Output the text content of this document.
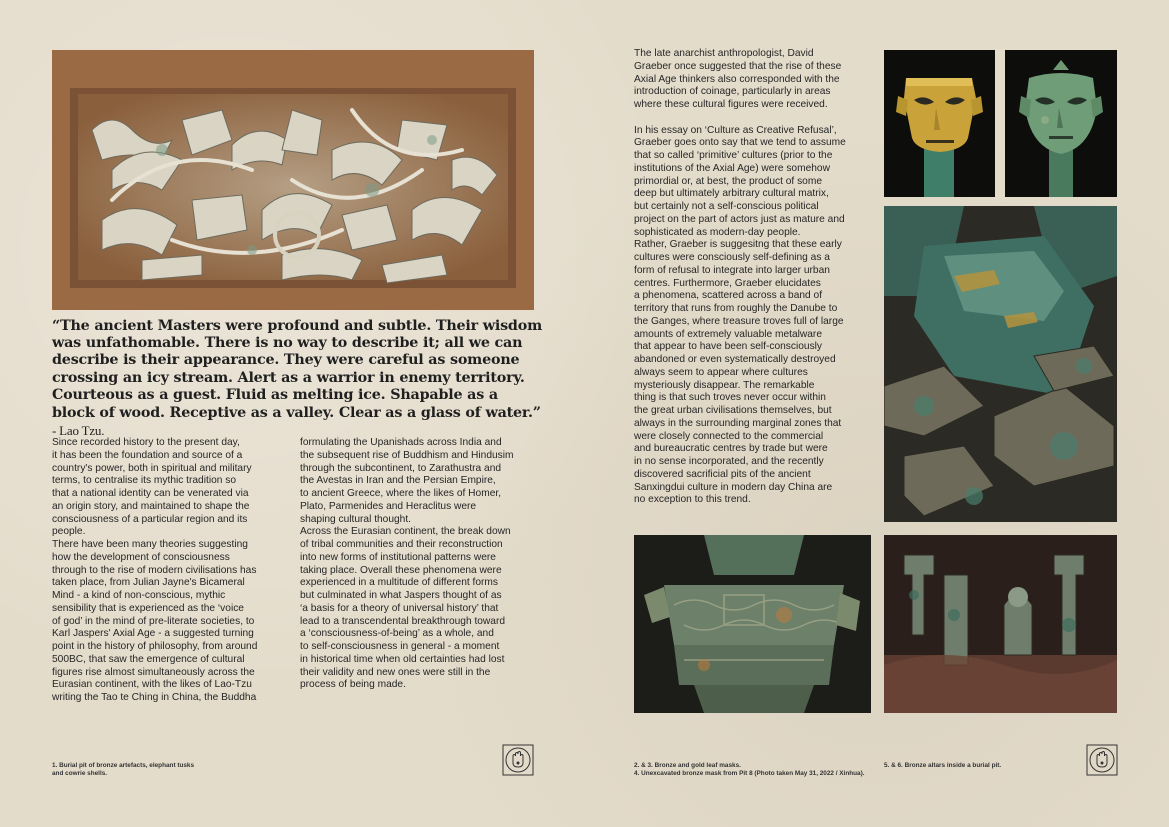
“The ancient Masters were profound and subtle. Their wisdom was unfathomable. There is no way to describe it; all we can describe is their appearance. They were careful as someone crossing an icy stream. Alert as a warrior in enemy territory. Courteous as a guest. Fluid as melting ice. Shapable as a block of wood. Receptive as a valley. Clear as a glass of water.” - Lao Tzu.
Since recorded history to the present day,
it has been the foundation and source of a
country's power, both in spiritual and military
terms, to centralise its mythic tradition so
that a national identity can be venerated via
an origin story, and maintained to shape the
consciousness of a particular region and its
people.
There have been many theories suggesting
how the development of consciousness
through to the rise of modern civilisations has
taken place, from Julian Jayne's Bicameral
Mind - a kind of non-conscious, mythic
sensibility that is experienced as the ‘voice
of god’ in the mind of pre-literate societies, to
Karl Jaspers' Axial Age - a suggested turning
point in the history of philosophy, from around
500BC, that saw the emergence of cultural
figures rise almost simultaneously across the
Eurasian continent, with the likes of Lao-Tzu
writing the Tao te Ching in China, the Buddha
formulating the Upanishads across India and
the subsequent rise of Buddhism and Hindusim
through the subcontinent, to Zarathustra and
the Avestas in Iran and the Persian Empire,
to ancient Greece, where the likes of Homer,
Plato, Parmenides and Heraclitus were
shaping cultural thought.
Across the Eurasian continent, the break down
of tribal communities and their reconstruction
into new forms of institutional patterns were
taking place. Overall these phenomena were
experienced in a multitude of different forms
but culminated in what Jaspers thought of as
‘a basis for a theory of universal history’ that
lead to a transcendental breakthrough toward
a ‘consciousness-of-being’ as a whole, and
to self-consciousness in general - a moment
in historical time when old certainties had lost
their validity and new ones were still in the
process of being made.
The late anarchist anthropologist, David
Graeber once suggested that the rise of these
Axial Age thinkers also corresponded with the
introduction of coinage, particularly in areas
where these cultural figures were received.

In his essay on ‘Culture as Creative Refusal’,
Graeber goes onto say that we tend to assume
that so called ‘primitive’ cultures (prior to the
institutions of the Axial Age) were somehow
primordial or, at best, the product of some
deep but ultimately arbitrary cultural matrix,
but certainly not a self-conscious political
project on the part of actors just as mature and
sophisticated as modern-day people.
Rather, Graeber is suggesitng that these early
cultures were consciously self-defining as a
form of refusal to integrate into larger urban
centres. Furthermore, Graeber elucidates
a phenomena, scattered across a band of
territory that runs from roughly the Danube to
the Ganges, where treasure troves full of large
amounts of extremely valuable metalware
that appear to have been self-consciously
abandoned or even systematically destroyed
always seem to appear where cultures
mysteriously disappear. The remarkable
thing is that such troves never occur within
the great urban civilisations themselves, but
always in the surrounding marginal zones that
were closely connected to the commercial
and bureaucratic centres by trade but were
in no sense incorporated, and the recently
discovered sacrificial pits of the ancient
Sanxingdui culture in modern day China are
no exception to this trend.
1. Burial pit of bronze artefacts, elephant tusks
and cowrie shells.
2. & 3. Bronze and gold leaf masks.
4. Unexcavated bronze mask from Pit 8 (Photo taken May 31, 2022 / Xinhua).
5. & 6. Bronze altars inside a burial pit.
